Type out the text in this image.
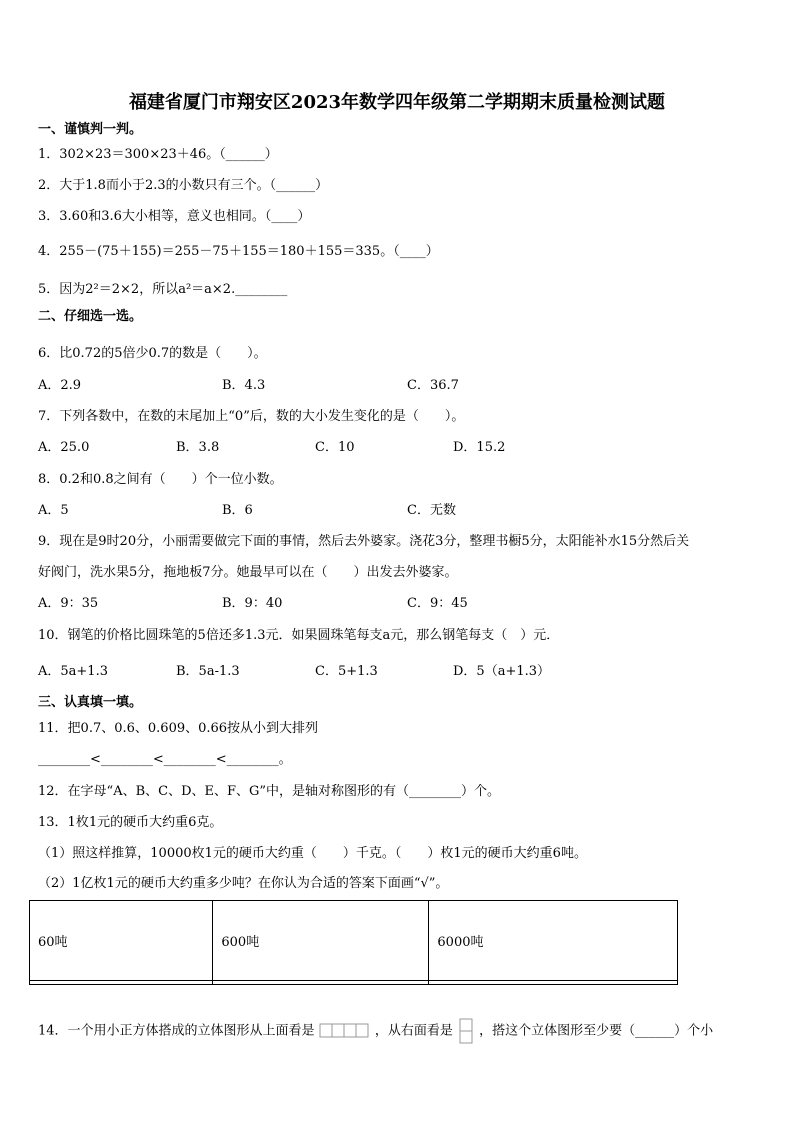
福建省厦门市翔安区2023年数学四年级第二学期期末质量检测试题
一、谨慎判一判。
1．302×23＝300×23＋46。（______）
2．大于1.8而小于2.3的小数只有三个。（______）
3．3.60和3.6大小相等，意义也相同。（____）
4．255－(75＋155)＝255－75＋155＝180＋155＝335。（____）
5．因为2²＝2×2，所以a²＝a×2.________
二、仔细选一选。
6．比0.72的5倍少0.7的数是（　　）。
A．2.9	B．4.3	C．36.7
7．下列各数中，在数的末尾加上“0”后，数的大小发生变化的是（　　）。
A．25.0	B．3.8	C．10	D．15.2
8．0.2和0.8之间有（　　）个一位小数。
A．5	B．6	C．无数
9．现在是9时20分，小丽需要做完下面的事情，然后去外婆家。浇花3分，整理书橱5分，太阳能补水15分然后关
好阀门，洗水果5分，拖地板7分。她最早可以在（　　）出发去外婆家。
A．9：35	B．9：40	C．9：45
10．钢笔的价格比圆珠笔的5倍还多1.3元．如果圆珠笔每支a元，那么钢笔每支（　）元．
A．5a+1.3	B．5a-1.3	C．5+1.3	D．5（a+1.3）
三、认真填一填。
11．把0.7、0.6、0.609、0.66按从小到大排列
________<________<________<________。
12．在字母“A、B、C、D、E、F、G”中，是轴对称图形的有（________）个。
13．1枚1元的硬币大约重6克。
（1）照这样推算，10000枚1元的硬币大约重（　　）千克。（　　）枚1元的硬币大约重6吨。
（2）1亿枚1元的硬币大约重多少吨？在你认为合适的答案下面画“√”。
60吨	600吨	6000吨

14．一个用小正方体搭成的立体图形从上面看是	，从右面看是 ，搭这个立体图形至少要（______）个小
